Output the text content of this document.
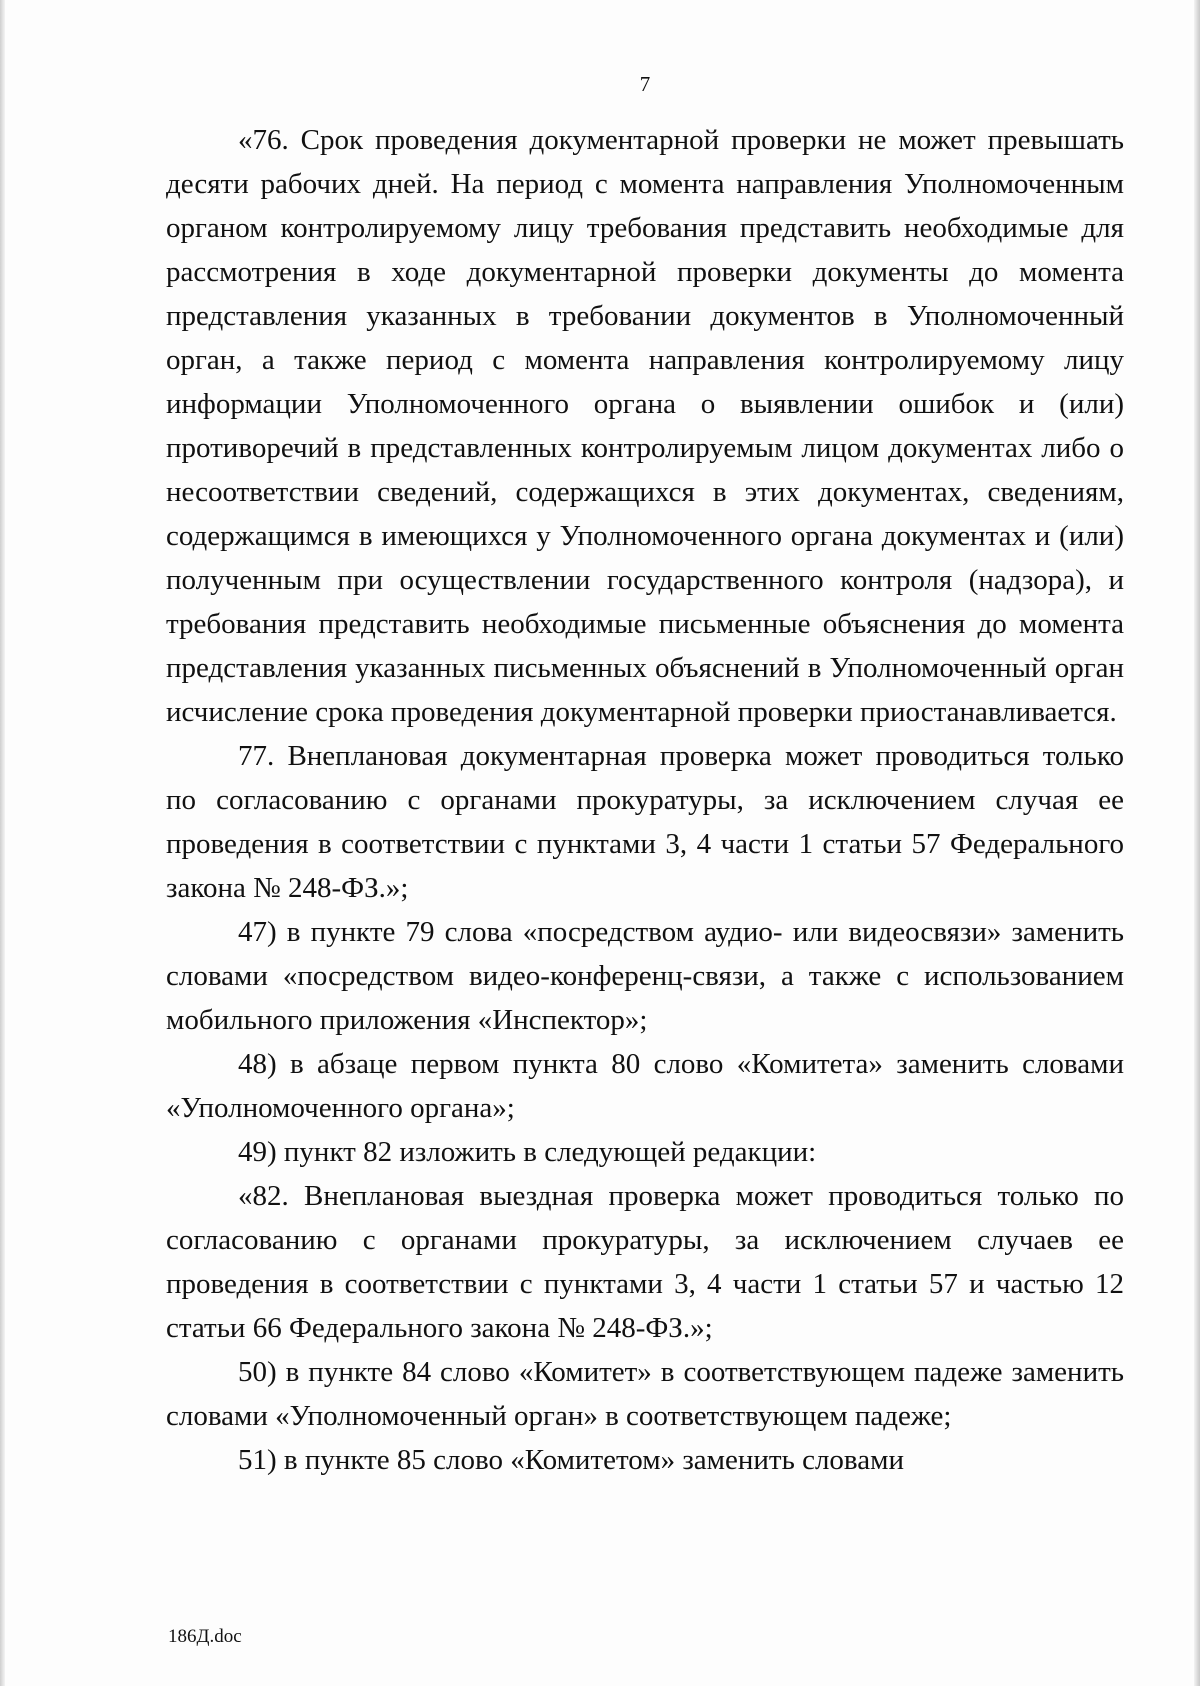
7

«76. Срок проведения документарной проверки не может превышать десяти рабочих дней. На период с момента направления Уполномоченным органом контролируемому лицу требования представить необходимые для рассмотрения в ходе документарной проверки документы до момента представления указанных в требовании документов в Уполномоченный орган, а также период с момента направления контролируемому лицу информации Уполномоченного органа о выявлении ошибок и (или) противоречий в представленных контролируемым лицом документах либо о несоответствии сведений, содержащихся в этих документах, сведениям, содержащимся в имеющихся у Уполномоченного органа документах и (или) полученным при осуществлении государственного контроля (надзора), и требования представить необходимые письменные объяснения до момента представления указанных письменных объяснений в Уполномоченный орган исчисление срока проведения документарной проверки приостанавливается.

77. Внеплановая документарная проверка может проводиться только по согласованию с органами прокуратуры, за исключением случая ее проведения в соответствии с пунктами 3, 4 части 1 статьи 57 Федерального закона № 248-ФЗ.»;

47) в пункте 79 слова «посредством аудио- или видеосвязи» заменить словами «посредством видео-конференц-связи, а также с использованием мобильного приложения «Инспектор»;

48) в абзаце первом пункта 80 слово «Комитета» заменить словами «Уполномоченного органа»;

49) пункт 82 изложить в следующей редакции:

«82. Внеплановая выездная проверка может проводиться только по согласованию с органами прокуратуры, за исключением случаев ее проведения в соответствии с пунктами 3, 4 части 1 статьи 57 и частью 12 статьи 66 Федерального закона № 248-ФЗ.»;

50) в пункте 84 слово «Комитет» в соответствующем падеже заменить словами «Уполномоченный орган» в соответствующем падеже;

51) в пункте 85 слово «Комитетом» заменить словами

186Д.doc
